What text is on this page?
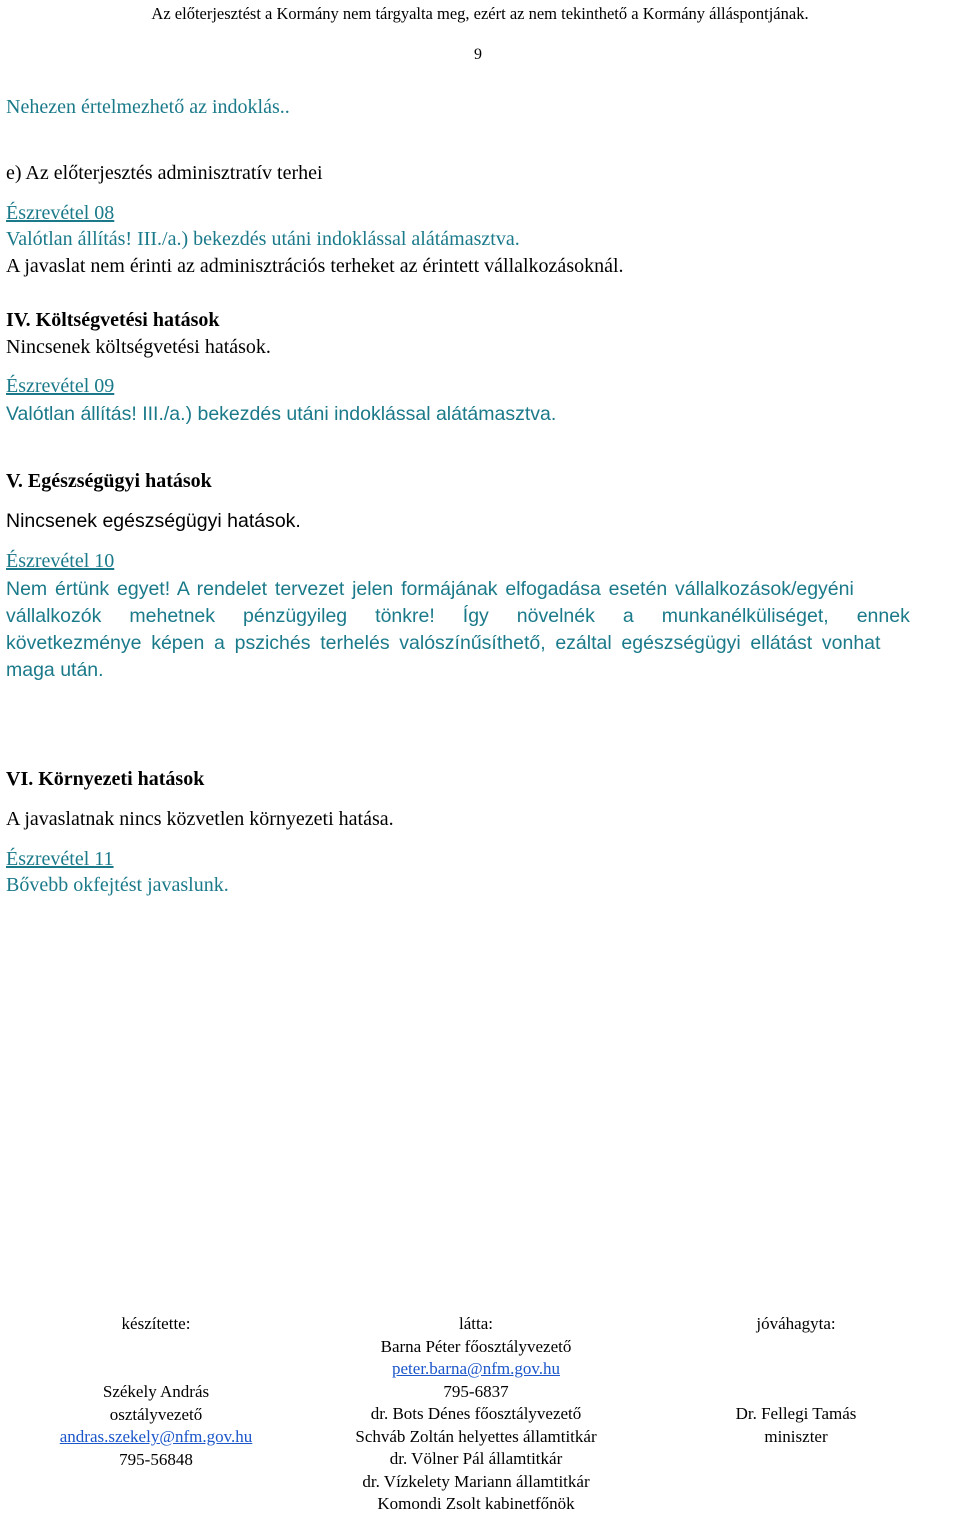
Az előterjesztést a Kormány nem tárgyalta meg, ezért az nem tekinthető a Kormány álláspontjának.
9
Nehezen értelmezhető az indoklás..
e) Az előterjesztés adminisztratív terhei
Észrevétel 08
Valótlan állítás! III./a.) bekezdés utáni indoklással alátámasztva.
A javaslat nem érinti az adminisztrációs terheket az érintett vállalkozásoknál.
IV. Költségvetési hatások
Nincsenek költségvetési hatások.
Észrevétel 09
Valótlan állítás! III./a.) bekezdés utáni indoklással alátámasztva.
V. Egészségügyi hatások
Nincsenek egészségügyi hatások.
Észrevétel 10
Nem értünk egyet! A rendelet tervezet jelen formájának elfogadása esetén vállalkozások/egyéni
vállalkozók mehetnek pénzügyileg tönkre! Így növelnék a munkanélküliséget, ennek
következménye képen a pszichés terhelés valószínűsíthető, ezáltal egészségügyi ellátást vonhat
maga után.
VI. Környezeti hatások
A javaslatnak nincs közvetlen környezeti hatása.
Észrevétel 11
Bővebb okfejtést javaslunk.
készítette:
Székely András
osztályvezető
andras.szekely@nfm.gov.hu
795-56848
látta:
Barna Péter főosztályvezető
peter.barna@nfm.gov.hu
795-6837
dr. Bots Dénes főosztályvezető
Schváb Zoltán helyettes államtitkár
dr. Völner Pál államtitkár
dr. Vízkelety Mariann államtitkár
Komondi Zsolt kabinetfőnök
jóváhagyta:
Dr. Fellegi Tamás
miniszter
